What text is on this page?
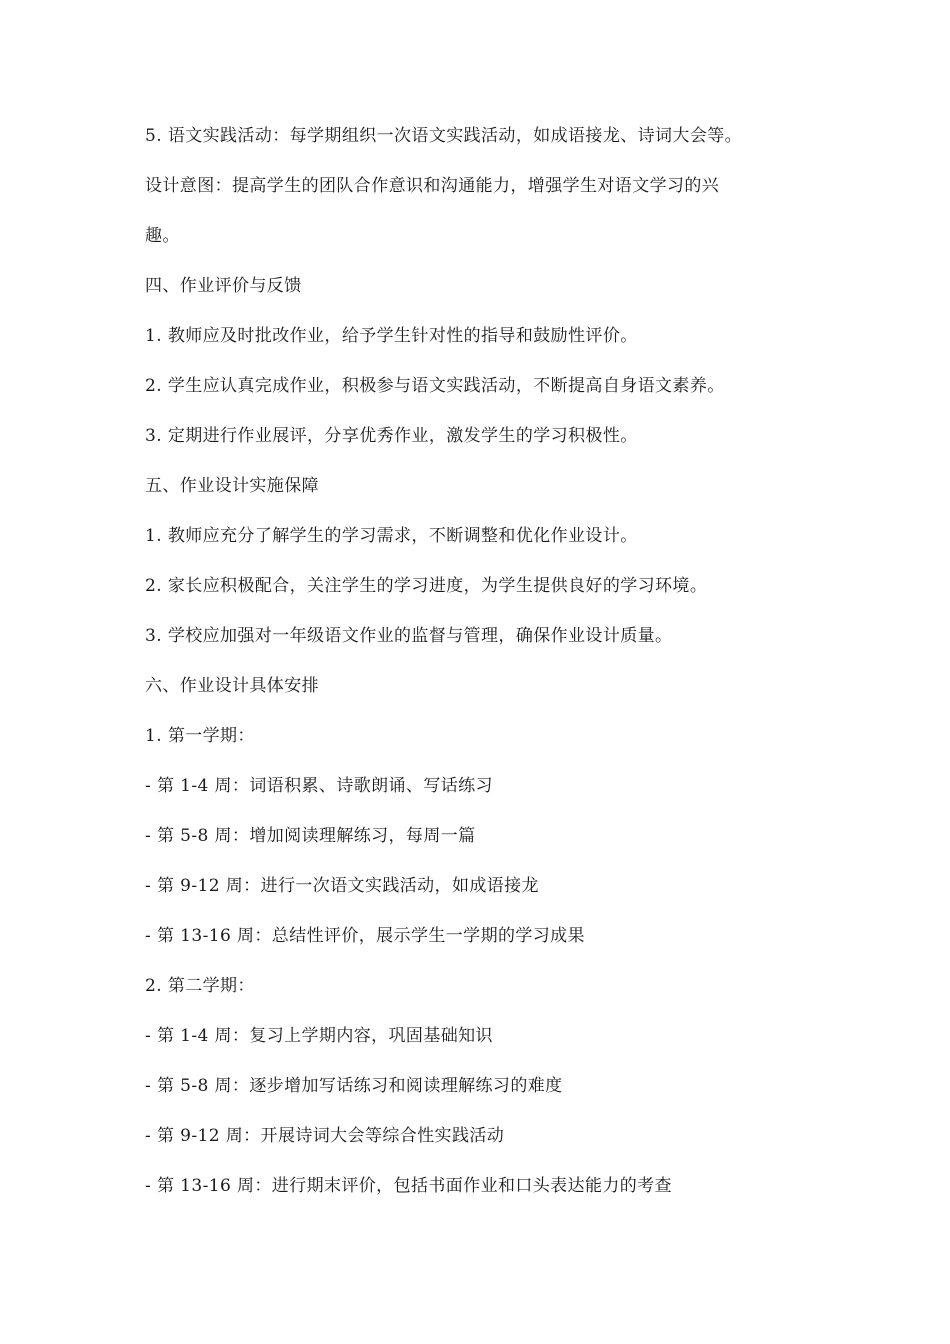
5. 语文实践活动：每学期组织一次语文实践活动，如成语接龙、诗词大会等。
设计意图：提高学生的团队合作意识和沟通能力，增强学生对语文学习的兴
趣。
四、作业评价与反馈
1. 教师应及时批改作业，给予学生针对性的指导和鼓励性评价。
2. 学生应认真完成作业，积极参与语文实践活动，不断提高自身语文素养。
3. 定期进行作业展评，分享优秀作业，激发学生的学习积极性。
五、作业设计实施保障
1. 教师应充分了解学生的学习需求，不断调整和优化作业设计。
2. 家长应积极配合，关注学生的学习进度，为学生提供良好的学习环境。
3. 学校应加强对一年级语文作业的监督与管理，确保作业设计质量。
六、作业设计具体安排
1. 第一学期：
- 第 1-4 周：词语积累、诗歌朗诵、写话练习
- 第 5-8 周：增加阅读理解练习，每周一篇
- 第 9-12 周：进行一次语文实践活动，如成语接龙
- 第 13-16 周：总结性评价，展示学生一学期的学习成果
2. 第二学期：
- 第 1-4 周：复习上学期内容，巩固基础知识
- 第 5-8 周：逐步增加写话练习和阅读理解练习的难度
- 第 9-12 周：开展诗词大会等综合性实践活动
- 第 13-16 周：进行期末评价，包括书面作业和口头表达能力的考查
